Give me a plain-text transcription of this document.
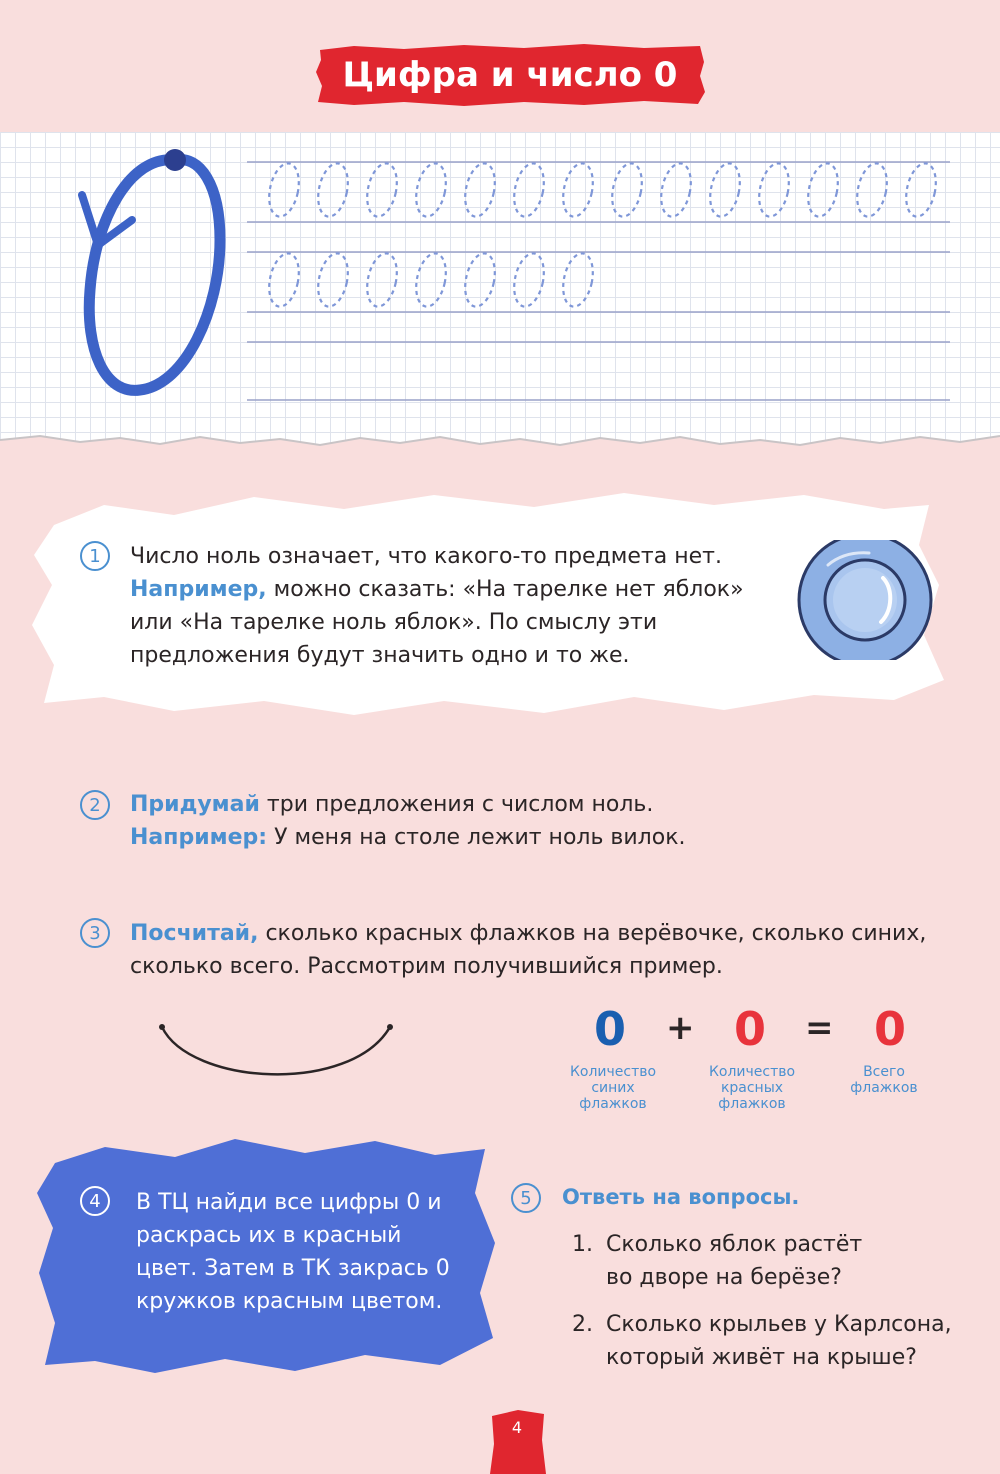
Цифра и число 0
1	Число ноль означает, что какого-то предмета нет.
Например, можно сказать: «На тарелке нет яблок»
или «На тарелке ноль яблок». По смыслу эти
предложения будут значить одно и то же.
2	Придумай три предложения с числом ноль.
Например: У меня на столе лежит ноль вилок.
3	Посчитай, сколько красных флажков на верёвочке, сколько синих,
сколько всего. Рассмотрим получившийся пример.
0 + 0 = 0
Количество
синих
флажков
Количество
красных
флажков
Всего
флажков
4	В ТЦ найди все цифры 0 и раскрась их в красный цвет. Затем в ТК закрась 0 кружков красным цветом.
5	Ответь на вопросы.
1. Сколько яблок растёт
во дворе на берёзе?
2. Сколько крыльев у Карлсона,
который живёт на крыше?
4
